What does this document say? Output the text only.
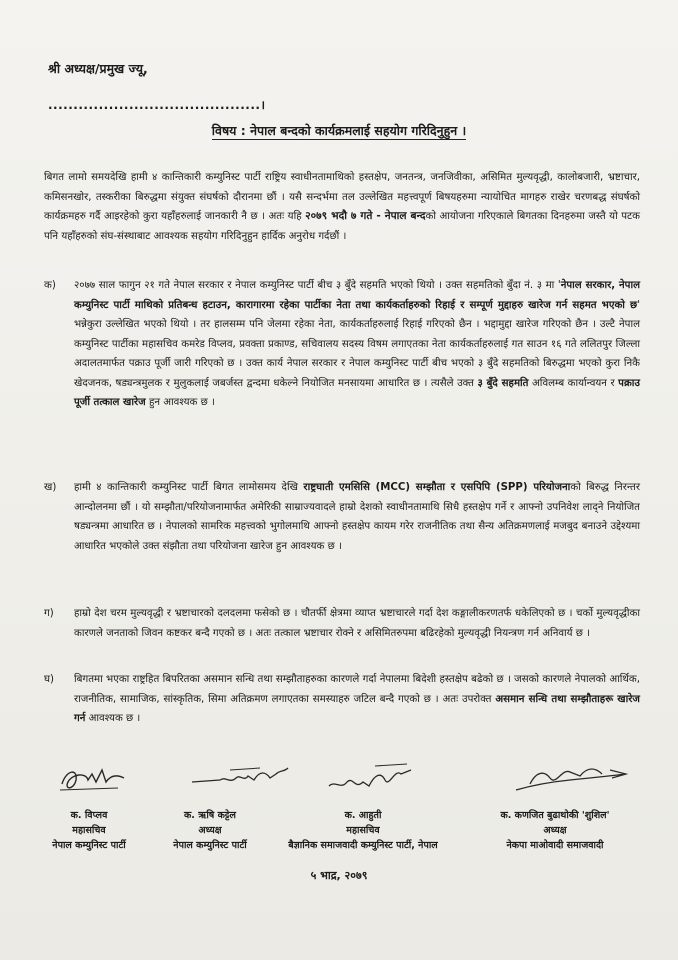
श्री अध्यक्ष/प्रमुख ज्यू,
..........................................।
विषय : नेपाल बन्दको कार्यक्रमलाई सहयोग गरिदिनुहुन ।
बिगत लामो समयदेखि हामी ४ कान्तिकारी कम्युनिस्ट पार्टी राष्ट्रिय स्वाधीनतामाथिको हस्तक्षेप, जनतन्त्र, जनजिवीका, असिमित मुल्यवृद्धी, कालोबजारी, भ्रष्टाचार, कमिसनखोर, तस्करीका बिरुद्धमा संयुक्त संघर्षको दौरानमा छौं । यसै सन्दर्भमा तल उल्लेखित महत्त्वपूर्ण बिषयहरुमा न्यायोचित मागहरु राखेर चरणबद्ध संघर्षको कार्यक्रमहरु गर्दै आइरहेको कुरा यहाँहरुलाई जानकारी नै छ । अतः यहि २०७९ भदौ ७ गते - नेपाल बन्दको आयोजना गरिएकाले बिगतका दिनहरुमा जस्तै यो पटक पनि यहाँहरुको संघ-संस्थाबाट आवश्यक सहयोग गरिदिनुहुन हार्दिक अनुरोध गर्दछौं ।
क)	२०७७ साल फागुन २१ गते नेपाल सरकार र नेपाल कम्युनिस्ट पार्टी बीच ३ बुँदे सहमति भएको थियो । उक्त सहमतिको बुँदा नं. ३ मा 'नेपाल सरकार, नेपाल कम्युनिस्ट पार्टी माथिको प्रतिबन्ध हटाउन, कारागारमा रहेका पार्टीका नेता तथा कार्यकर्ताहरुको रिहाई र सम्पूर्ण मुद्दाहरु खारेज गर्न सहमत भएको छ' भन्नेकुरा उल्लेखित भएको थियो । तर हालसम्म पनि जेलमा रहेका नेता, कार्यकर्ताहरुलाई रिहाई गरिएको छैन । भद्दामुद्दा खारेज गरिएको छैन । उल्टै नेपाल कम्युनिस्ट पार्टीका महासचिव कमरेड विप्लव, प्रवक्ता प्रकाण्ड, सचिवालय सदस्य विषम लगाएतका नेता कार्यकर्ताहरुलाई गत साउन १६ गते ललितपुर जिल्ला अदालतमार्फत पक्राउ पूर्जी जारी गरिएको छ । उक्त कार्य नेपाल सरकार र नेपाल कम्युनिस्ट पार्टी बीच भएको ३ बुँदे सहमतिको बिरुद्धमा भएको कुरा निकै खेदजनक, षड्यन्त्रमुलक र मुलुकलाई जबर्जस्त द्वन्दमा धकेल्ने नियोजित मनसायमा आधारित छ । त्यसैले उक्त ३ बुँदे सहमति अविलम्ब कार्यान्वयन र पक्राउ पूर्जी तत्काल खारेज हुन आवश्यक छ ।
ख)	हामी ४ कान्तिकारी कम्युनिस्ट पार्टी बिगत लामोसमय देखि राष्ट्रघाती एमसिसि (MCC) सम्झौता र एसपिपि (SPP) परियोजनाको बिरुद्ध निरन्तर आन्दोलनमा छौं । यो सम्झौता/परियोजनामार्फत अमेरिकी साम्राज्यवादले हाम्रो देशको स्वाधीनतामाथि सिधै हस्तक्षेप गर्ने र आफ्नो उपनिवेश लाद्ने नियोजित षड्यन्त्रमा आधारित छ । नेपालको सामरिक महत्त्वको भुगोलमाथि आफ्नो हस्तक्षेप कायम गरेर राजनीतिक तथा सैन्य अतिक्रमणलाई मजबुद बनाउने उद्देश्यमा आधारित भएकोले उक्त संझौता तथा परियोजना खारेज हुन आवश्यक छ ।
ग)	हाम्रो देश चरम मुल्यवृद्धी र भ्रष्टाचारको दलदलमा फसेको छ । चौतर्फी क्षेत्रमा व्याप्त भ्रष्टाचारले गर्दा देश कङ्गालीकरणतर्फ धकेलिएको छ । चर्को मुल्यवृद्धीका कारणले जनताको जिवन कष्टकर बन्दै गएको छ । अतः तत्काल भ्रष्टाचार रोक्ने र असिमितरुपमा बढिरहेको मुल्यवृद्धी नियन्त्रण गर्न अनिवार्य छ ।
घ)	बिगतमा भएका राष्ट्रहित बिपरितका असमान सन्धि तथा सम्झौताहरुका कारणले गर्दा नेपालमा बिदेशी हस्तक्षेप बढेको छ । जसको कारणले नेपालको आर्थिक, राजनीतिक, सामाजिक, सांस्कृतिक, सिमा अतिक्रमण लगाएतका समस्याहरु जटिल बन्दै गएको छ । अतः उपरोक्त असमान सन्धि तथा सम्झौताहरू खारेज गर्न आवश्यक छ ।
क. विप्लव
महासचिव
नेपाल कम्युनिस्ट पार्टी
क. ऋषि कट्टेल
अध्यक्ष
नेपाल कम्युनिस्ट पार्टी
क. आहुती
महासचिव
बैज्ञानिक समाजवादी कम्युनिस्ट पार्टी, नेपाल
क. कणजित बुढाथोकी 'शुशिल'
अध्यक्ष
नेकपा माओवादी समाजवादी
५ भाद्र, २०७९
